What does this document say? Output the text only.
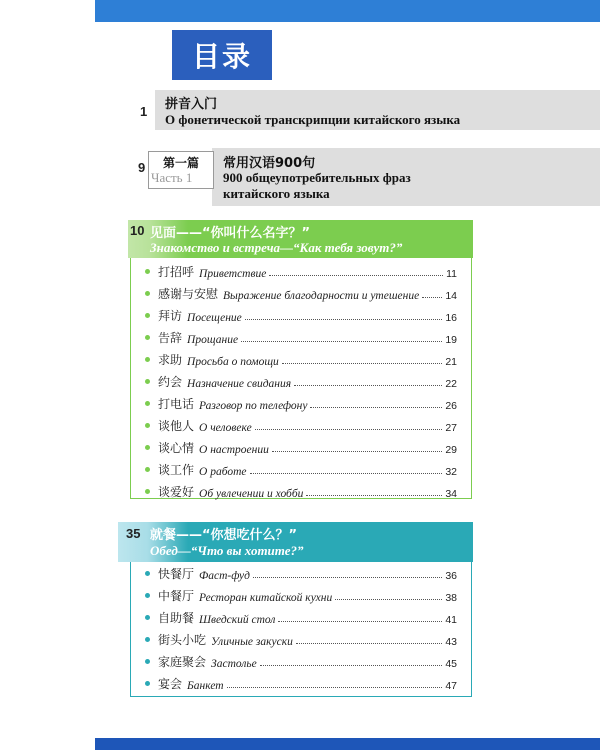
目录
1 拼音入门
О фонетической транскрипции китайского языка
9 第一篇
Часть 1
常用汉语900句
900 общеупотребительных фраз
китайского языка
10 见面——“你叫什么名字？”
Знакомство и встреча—“Как тебя зовут?”
打招呼 Приветствие	11
感谢与安慰 Выражение благодарности и утешение 14
拜访 Посещение	16
告辞 Прощание	19
求助 Просьба о помощи	21
约会 Назначение свидания	22
打电话 Разговор по телефону	26
谈他人 О человеке	27
谈心情 О настроении	29
谈工作 О работе	32
谈爱好 Об увлечении и хобби	34
35 就餐——“你想吃什么？”
Обед—“Что вы хотите?”
快餐厅 Фаст-фуд	36
中餐厅 Ресторан китайской кухни	38
自助餐 Шведский стол	41
街头小吃 Уличные закуски	43
家庭聚会 Застолье	45
宴会 Банкет	47
